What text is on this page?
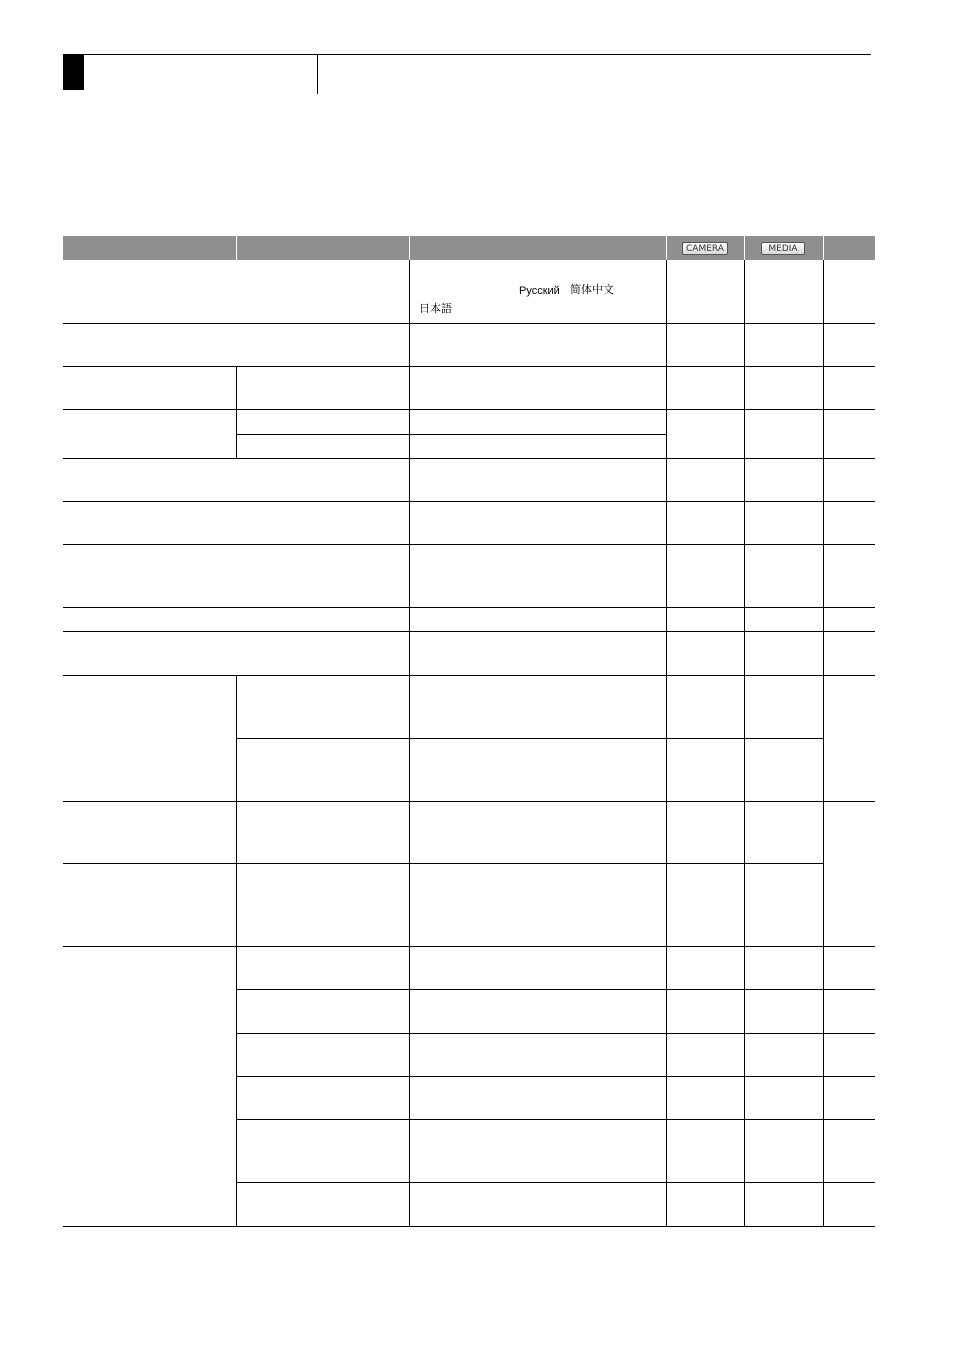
CAMERA	MEDIA
Русский 简体中文
日本語
